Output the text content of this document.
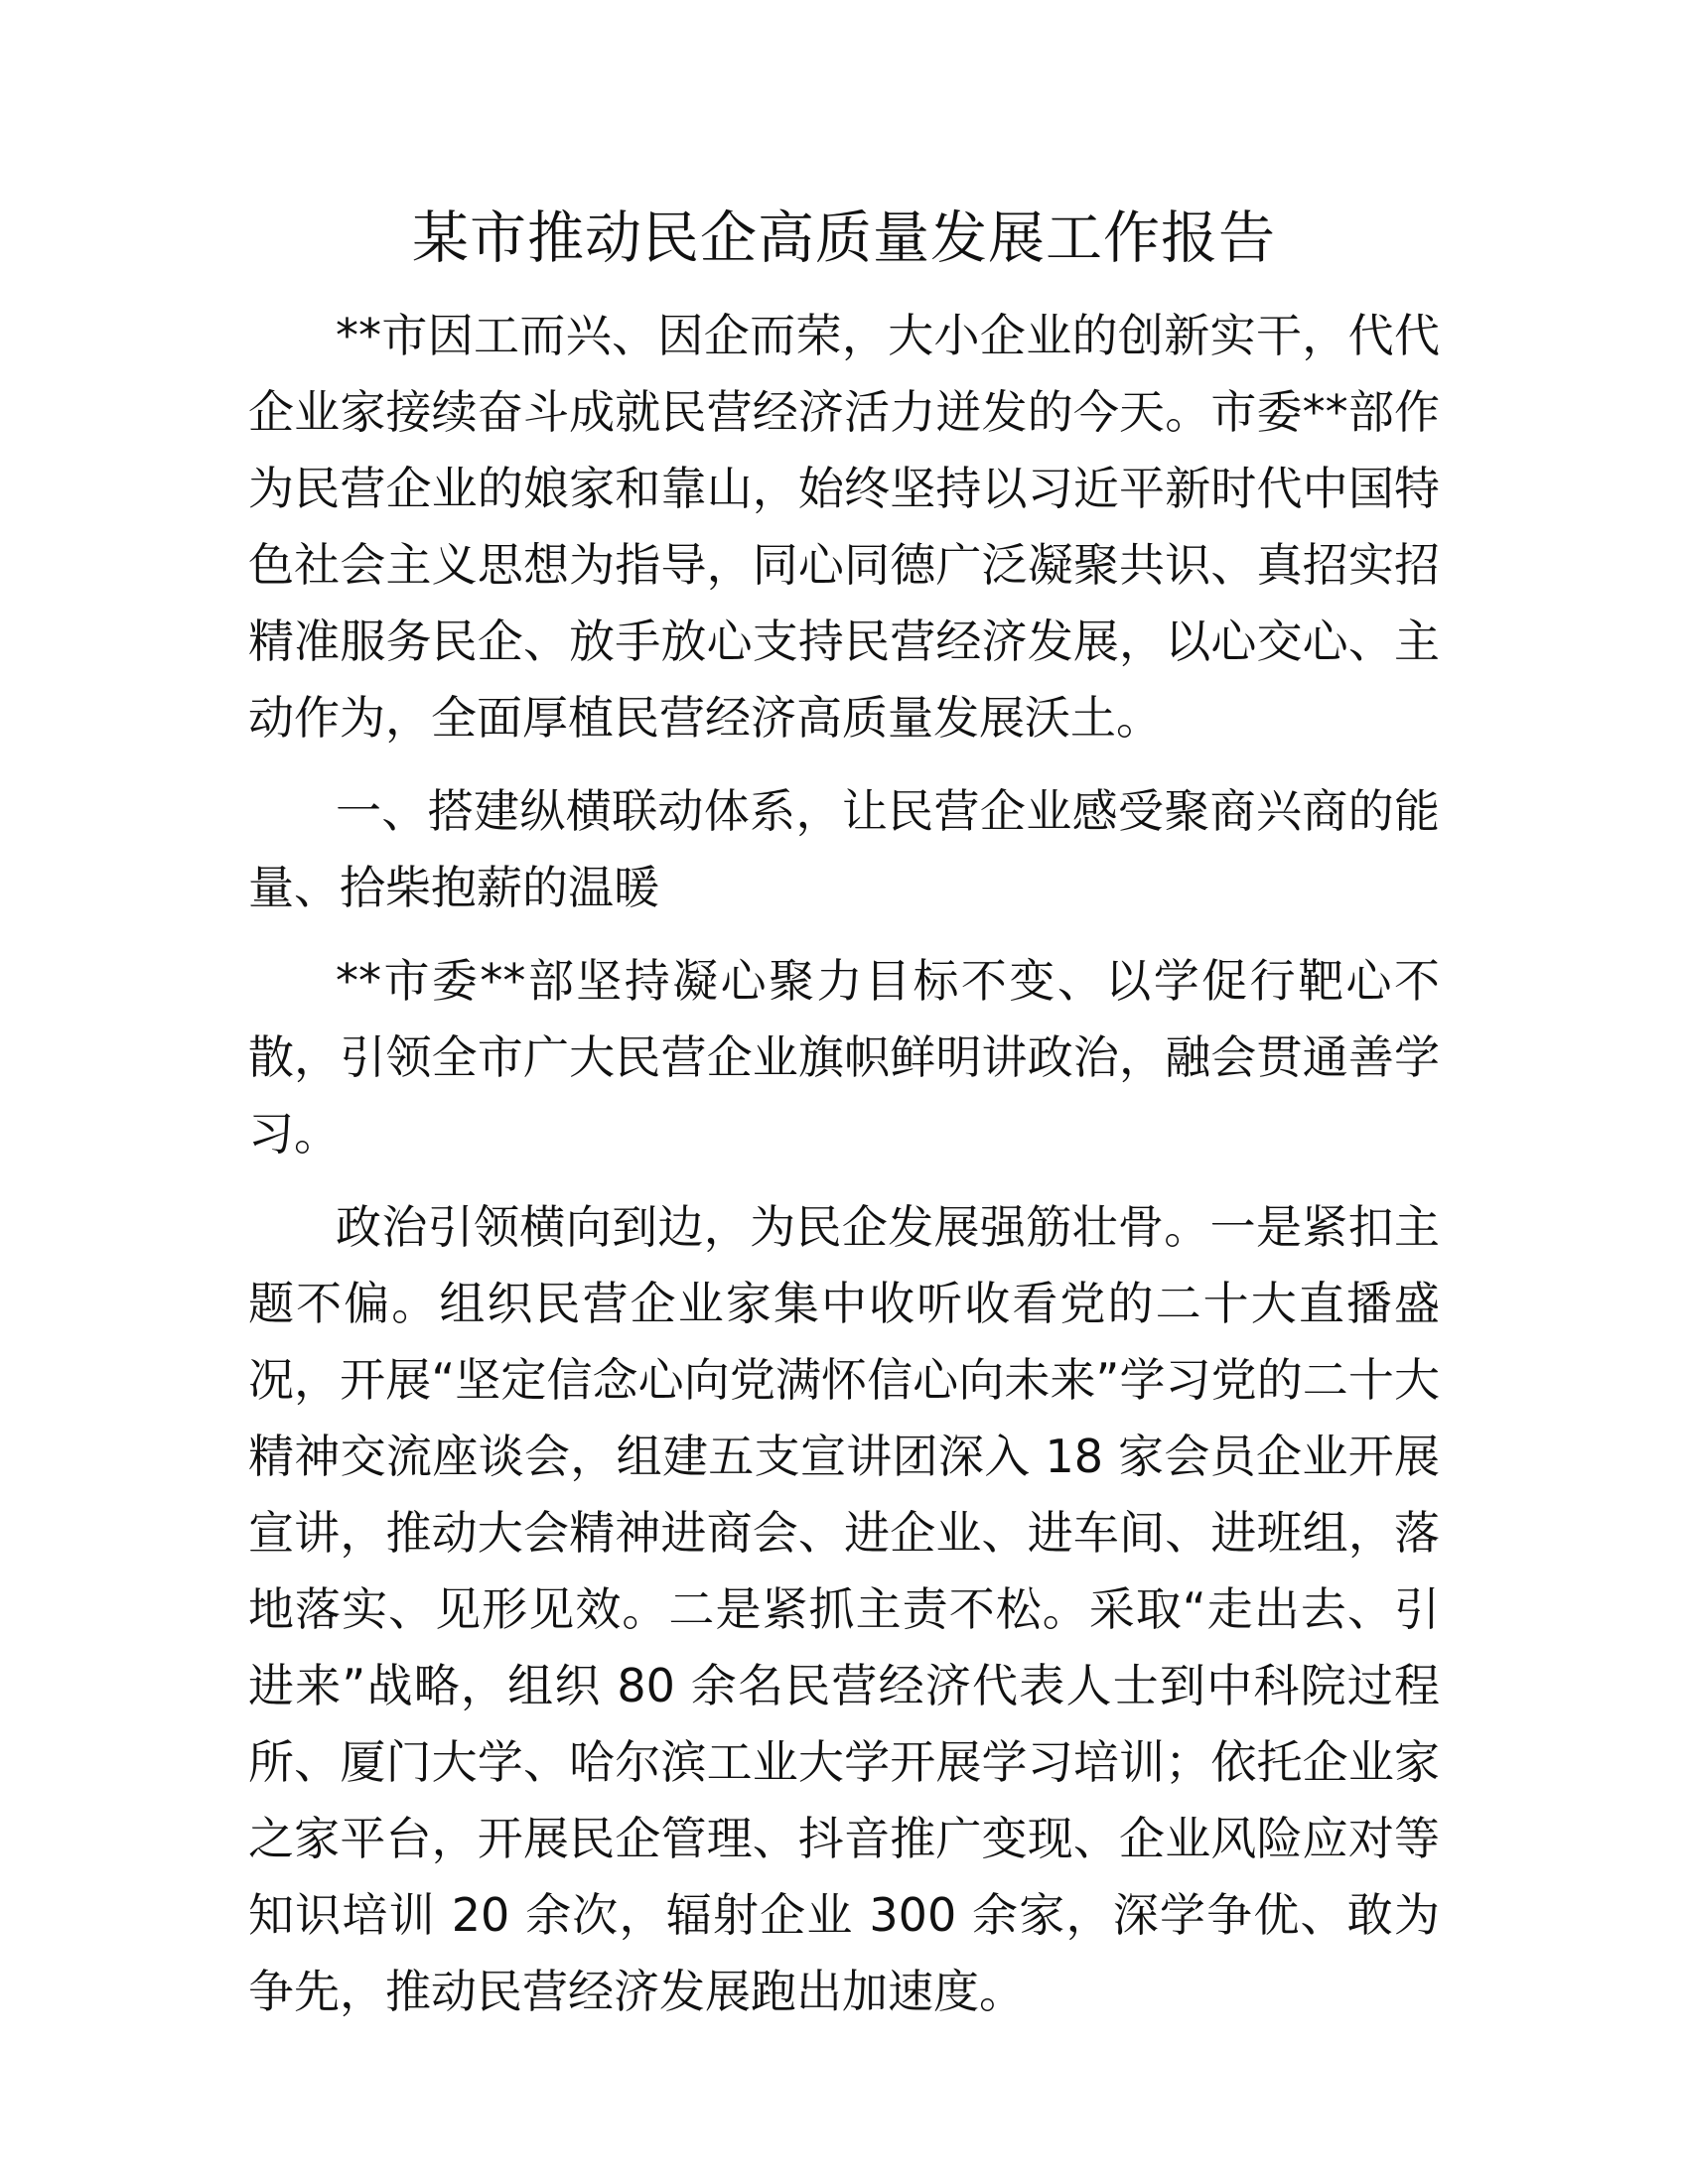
某市推动民企高质量发展工作报告

**市因工而兴、因企而荣，大小企业的创新实干，代代企业家接续奋斗成就民营经济活力迸发的今天。市委**部作为民营企业的娘家和靠山，始终坚持以习近平新时代中国特色社会主义思想为指导，同心同德广泛凝聚共识、真招实招精准服务民企、放手放心支持民营经济发展，以心交心、主动作为，全面厚植民营经济高质量发展沃土。

一、搭建纵横联动体系，让民营企业感受聚商兴商的能量、拾柴抱薪的温暖

**市委**部坚持凝心聚力目标不变、以学促行靶心不散，引领全市广大民营企业旗帜鲜明讲政治，融会贯通善学习。

政治引领横向到边，为民企发展强筋壮骨。一是紧扣主题不偏。组织民营企业家集中收听收看党的二十大直播盛况，开展“坚定信念心向党满怀信心向未来”学习党的二十大精神交流座谈会，组建五支宣讲团深入 18 家会员企业开展宣讲，推动大会精神进商会、进企业、进车间、进班组，落地落实、见形见效。二是紧抓主责不松。采取“走出去、引进来”战略，组织 80 余名民营经济代表人士到中科院过程所、厦门大学、哈尔滨工业大学开展学习培训；依托企业家之家平台，开展民企管理、抖音推广变现、企业风险应对等知识培训 20 余次，辐射企业 300 余家，深学争优、敢为争先，推动民营经济发展跑出加速度。
